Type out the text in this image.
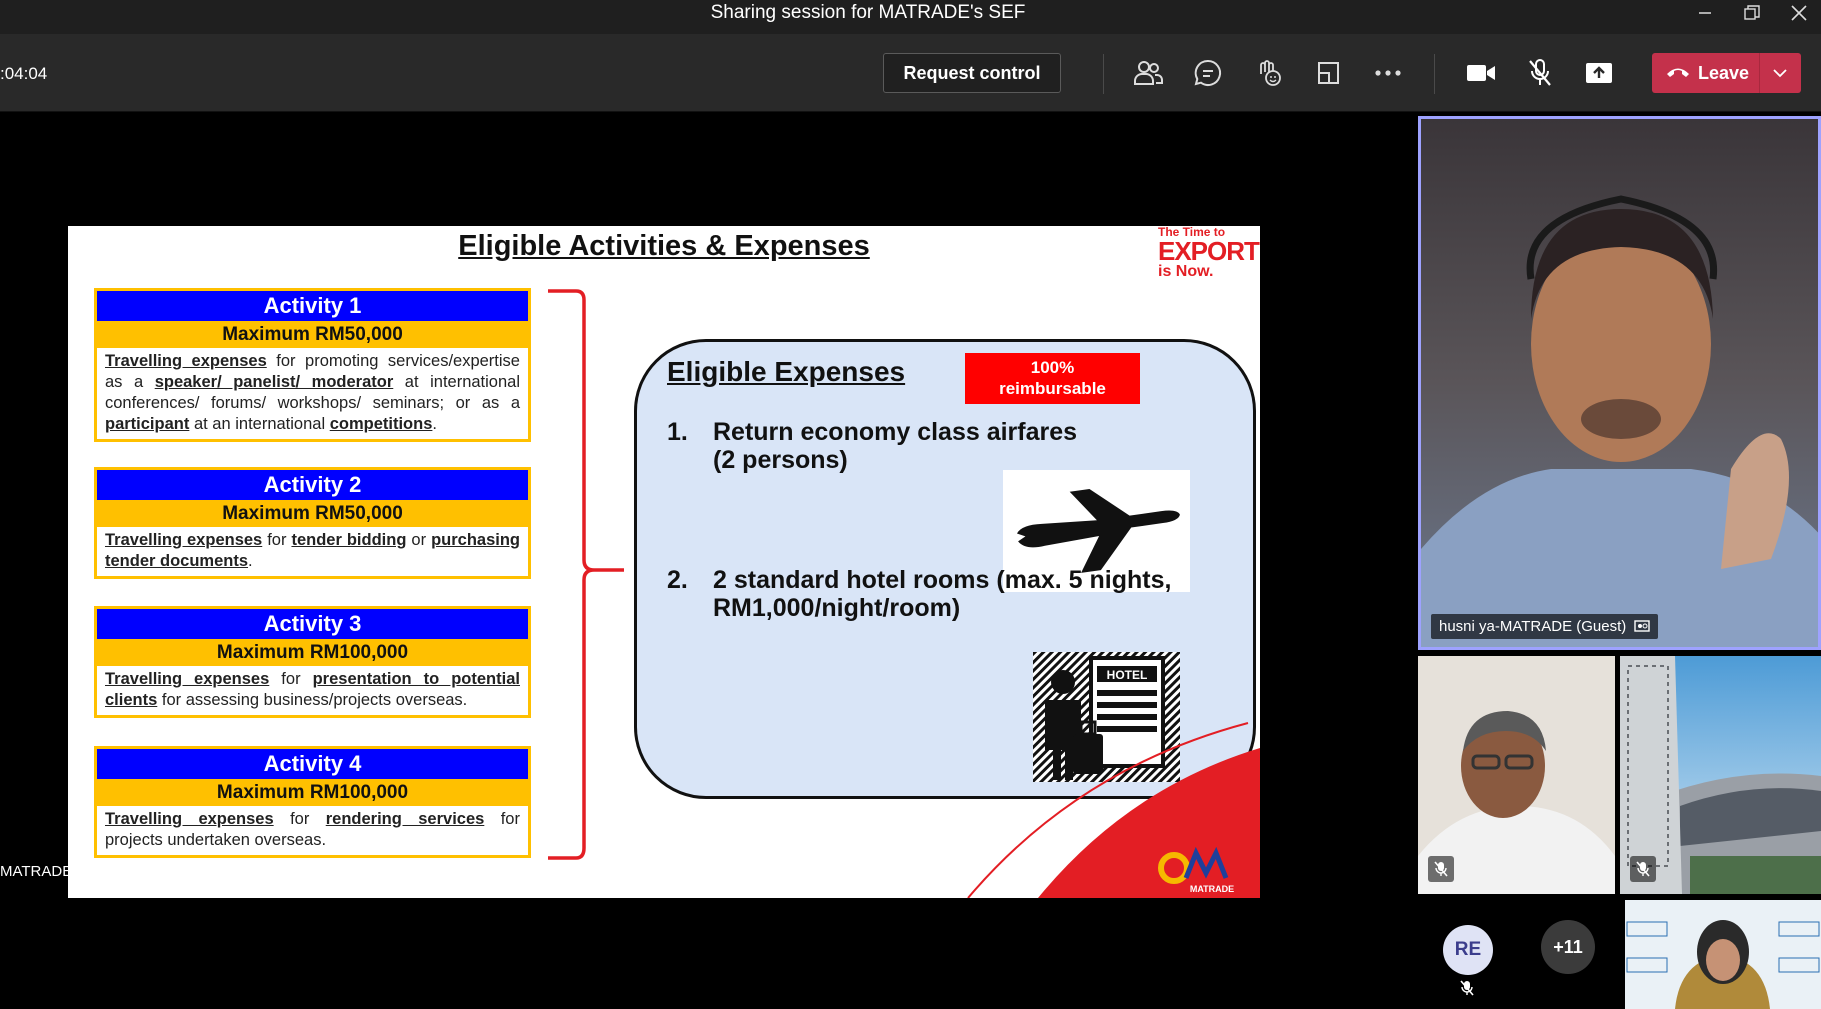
Sharing session for MATRADE's SEF
:04:04	Request control	Leave
Eligible Activities & Expenses	The Time to
EXPORT
is Now.
Activity 1
Maximum RM50,000
Travelling expenses for promoting services/expertise as a speaker/ panelist/ moderator at international conferences/ forums/ workshops/ seminars; or as a participant at an international competitions.
Activity 2
Maximum RM50,000
Travelling expenses for tender bidding or purchasing tender documents.
Activity 3
Maximum RM100,000
Travelling expenses for presentation to potential clients for assessing business/projects overseas.
Activity 4
Maximum RM100,000
Travelling expenses for rendering services for projects undertaken overseas.
Eligible Expenses	100%
reimbursable
1. Return economy class airfares
(2 persons)
2. 2 standard hotel rooms (max. 5 nights,
RM1,000/night/room)
HOTEL
MATRADE
MATRADE (Guest)
husni ya-MATRADE (Guest)
RE	+11
